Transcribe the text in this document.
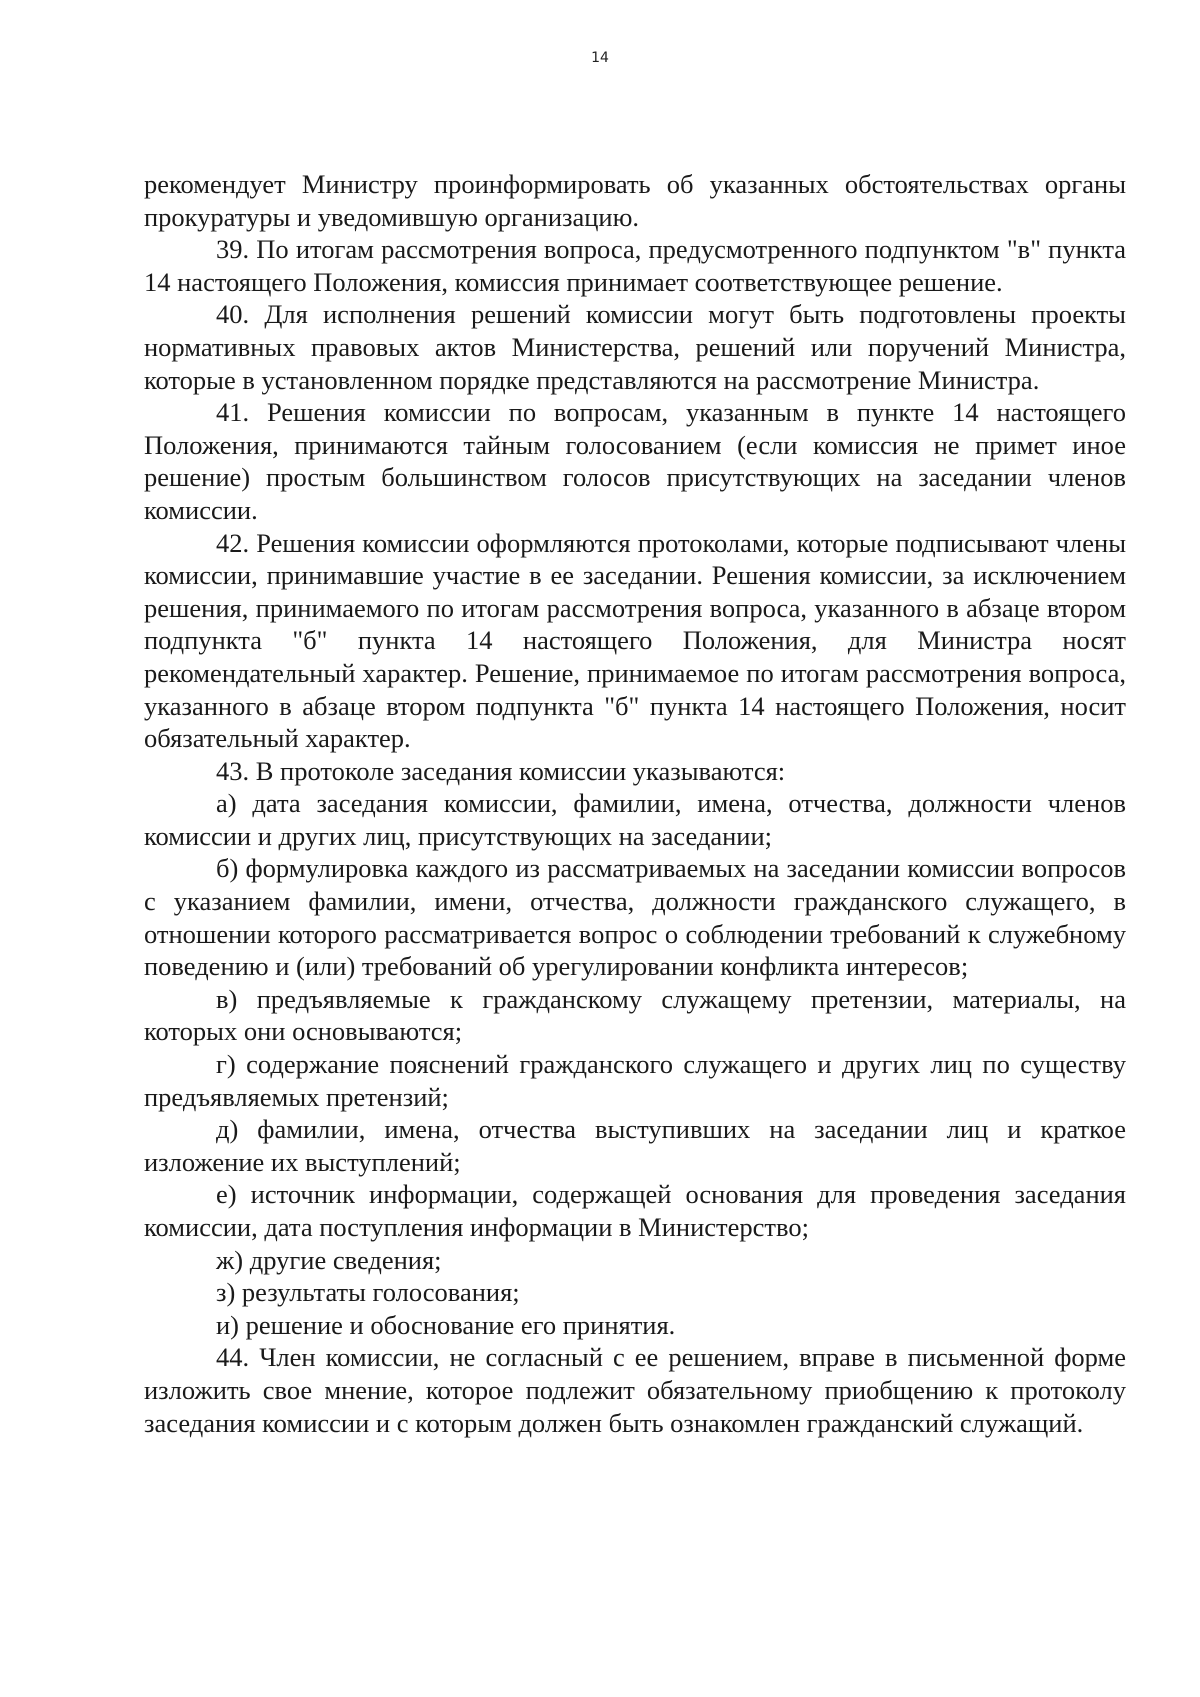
14

рекомендует Министру проинформировать об указанных обстоятельствах органы прокуратуры и уведомившую организацию.

39. По итогам рассмотрения вопроса, предусмотренного подпунктом "в" пункта 14 настоящего Положения, комиссия принимает соответствующее решение.

40. Для исполнения решений комиссии могут быть подготовлены проекты нормативных правовых актов Министерства, решений или поручений Министра, которые в установленном порядке представляются на рассмотрение Министра.

41. Решения комиссии по вопросам, указанным в пункте 14 настоящего Положения, принимаются тайным голосованием (если комиссия не примет иное решение) простым большинством голосов присутствующих на заседании членов комиссии.

42. Решения комиссии оформляются протоколами, которые подписывают члены комиссии, принимавшие участие в ее заседании. Решения комиссии, за исключением решения, принимаемого по итогам рассмотрения вопроса, указанного в абзаце втором подпункта "б" пункта 14 настоящего Положения, для Министра носят рекомендательный характер. Решение, принимаемое по итогам рассмотрения вопроса, указанного в абзаце втором подпункта "б" пункта 14 настоящего Положения, носит обязательный характер.

43. В протоколе заседания комиссии указываются:

а) дата заседания комиссии, фамилии, имена, отчества, должности членов комиссии и других лиц, присутствующих на заседании;

б) формулировка каждого из рассматриваемых на заседании комиссии вопросов с указанием фамилии, имени, отчества, должности гражданского служащего, в отношении которого рассматривается вопрос о соблюдении требований к служебному поведению и (или) требований об урегулировании конфликта интересов;

в) предъявляемые к гражданскому служащему претензии, материалы, на которых они основываются;

г) содержание пояснений гражданского служащего и других лиц по существу предъявляемых претензий;

д) фамилии, имена, отчества выступивших на заседании лиц и краткое изложение их выступлений;

е) источник информации, содержащей основания для проведения заседания комиссии, дата поступления информации в Министерство;

ж) другие сведения;

з) результаты голосования;

и) решение и обоснование его принятия.

44. Член комиссии, не согласный с ее решением, вправе в письменной форме изложить свое мнение, которое подлежит обязательному приобщению к протоколу заседания комиссии и с которым должен быть ознакомлен гражданский служащий.
